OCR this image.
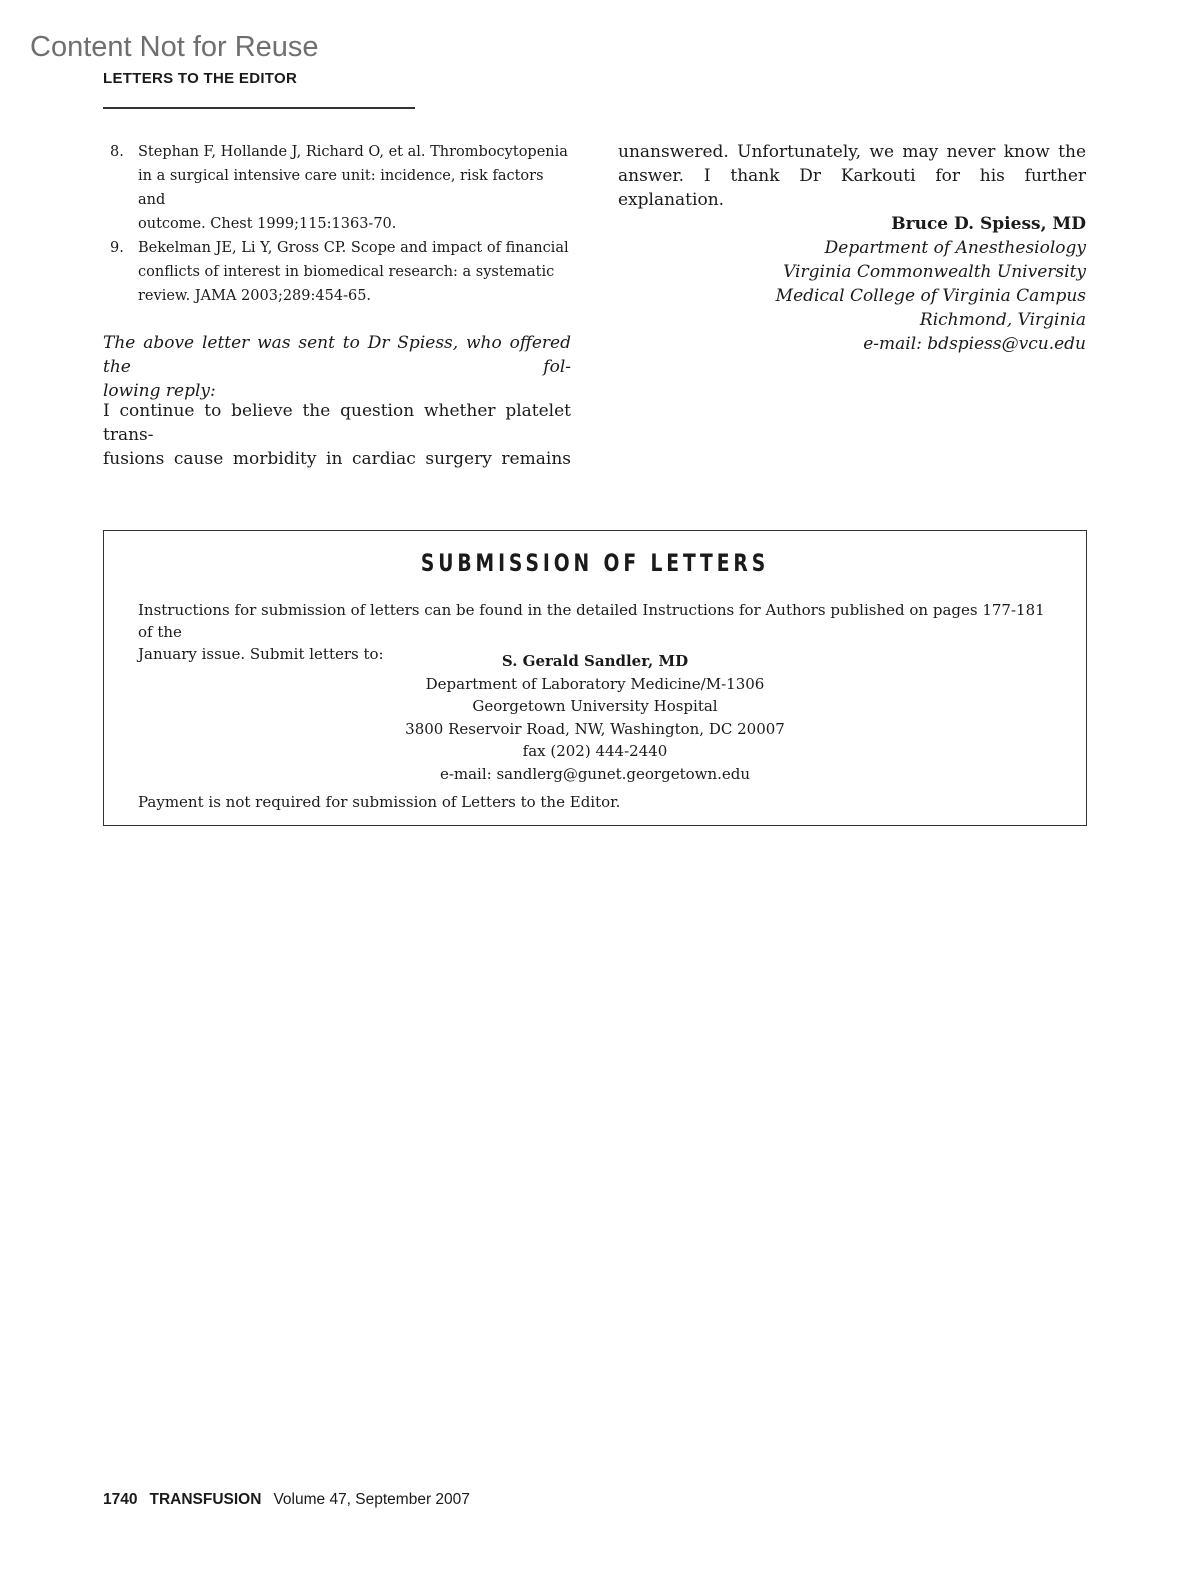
Content Not for Reuse
LETTERS TO THE EDITOR
8. Stephan F, Hollande J, Richard O, et al. Thrombocytopenia
in a surgical intensive care unit: incidence, risk factors and
outcome. Chest 1999;115:1363-70.
9. Bekelman JE, Li Y, Gross CP. Scope and impact of financial
conflicts of interest in biomedical research: a systematic
review. JAMA 2003;289:454-65.
The above letter was sent to Dr Spiess, who offered the fol-
lowing reply:
I continue to believe the question whether platelet trans-
fusions cause morbidity in cardiac surgery remains
unanswered. Unfortunately, we may never know the
answer. I thank Dr Karkouti for his further explanation.
Bruce D. Spiess, MD
Department of Anesthesiology
Virginia Commonwealth University
Medical College of Virginia Campus
Richmond, Virginia
e-mail: bdspiess@vcu.edu
SUBMISSION OF LETTERS
Instructions for submission of letters can be found in the detailed Instructions for Authors published on pages 177-181 of the
January issue. Submit letters to:	S. Gerald Sandler, MD
Department of Laboratory Medicine/M-1306
Georgetown University Hospital
3800 Reservoir Road, NW, Washington, DC 20007
fax (202) 444-2440
e-mail: sandlerg@gunet.georgetown.edu
Payment is not required for submission of Letters to the Editor.
1740 TRANSFUSION Volume 47, September 2007
